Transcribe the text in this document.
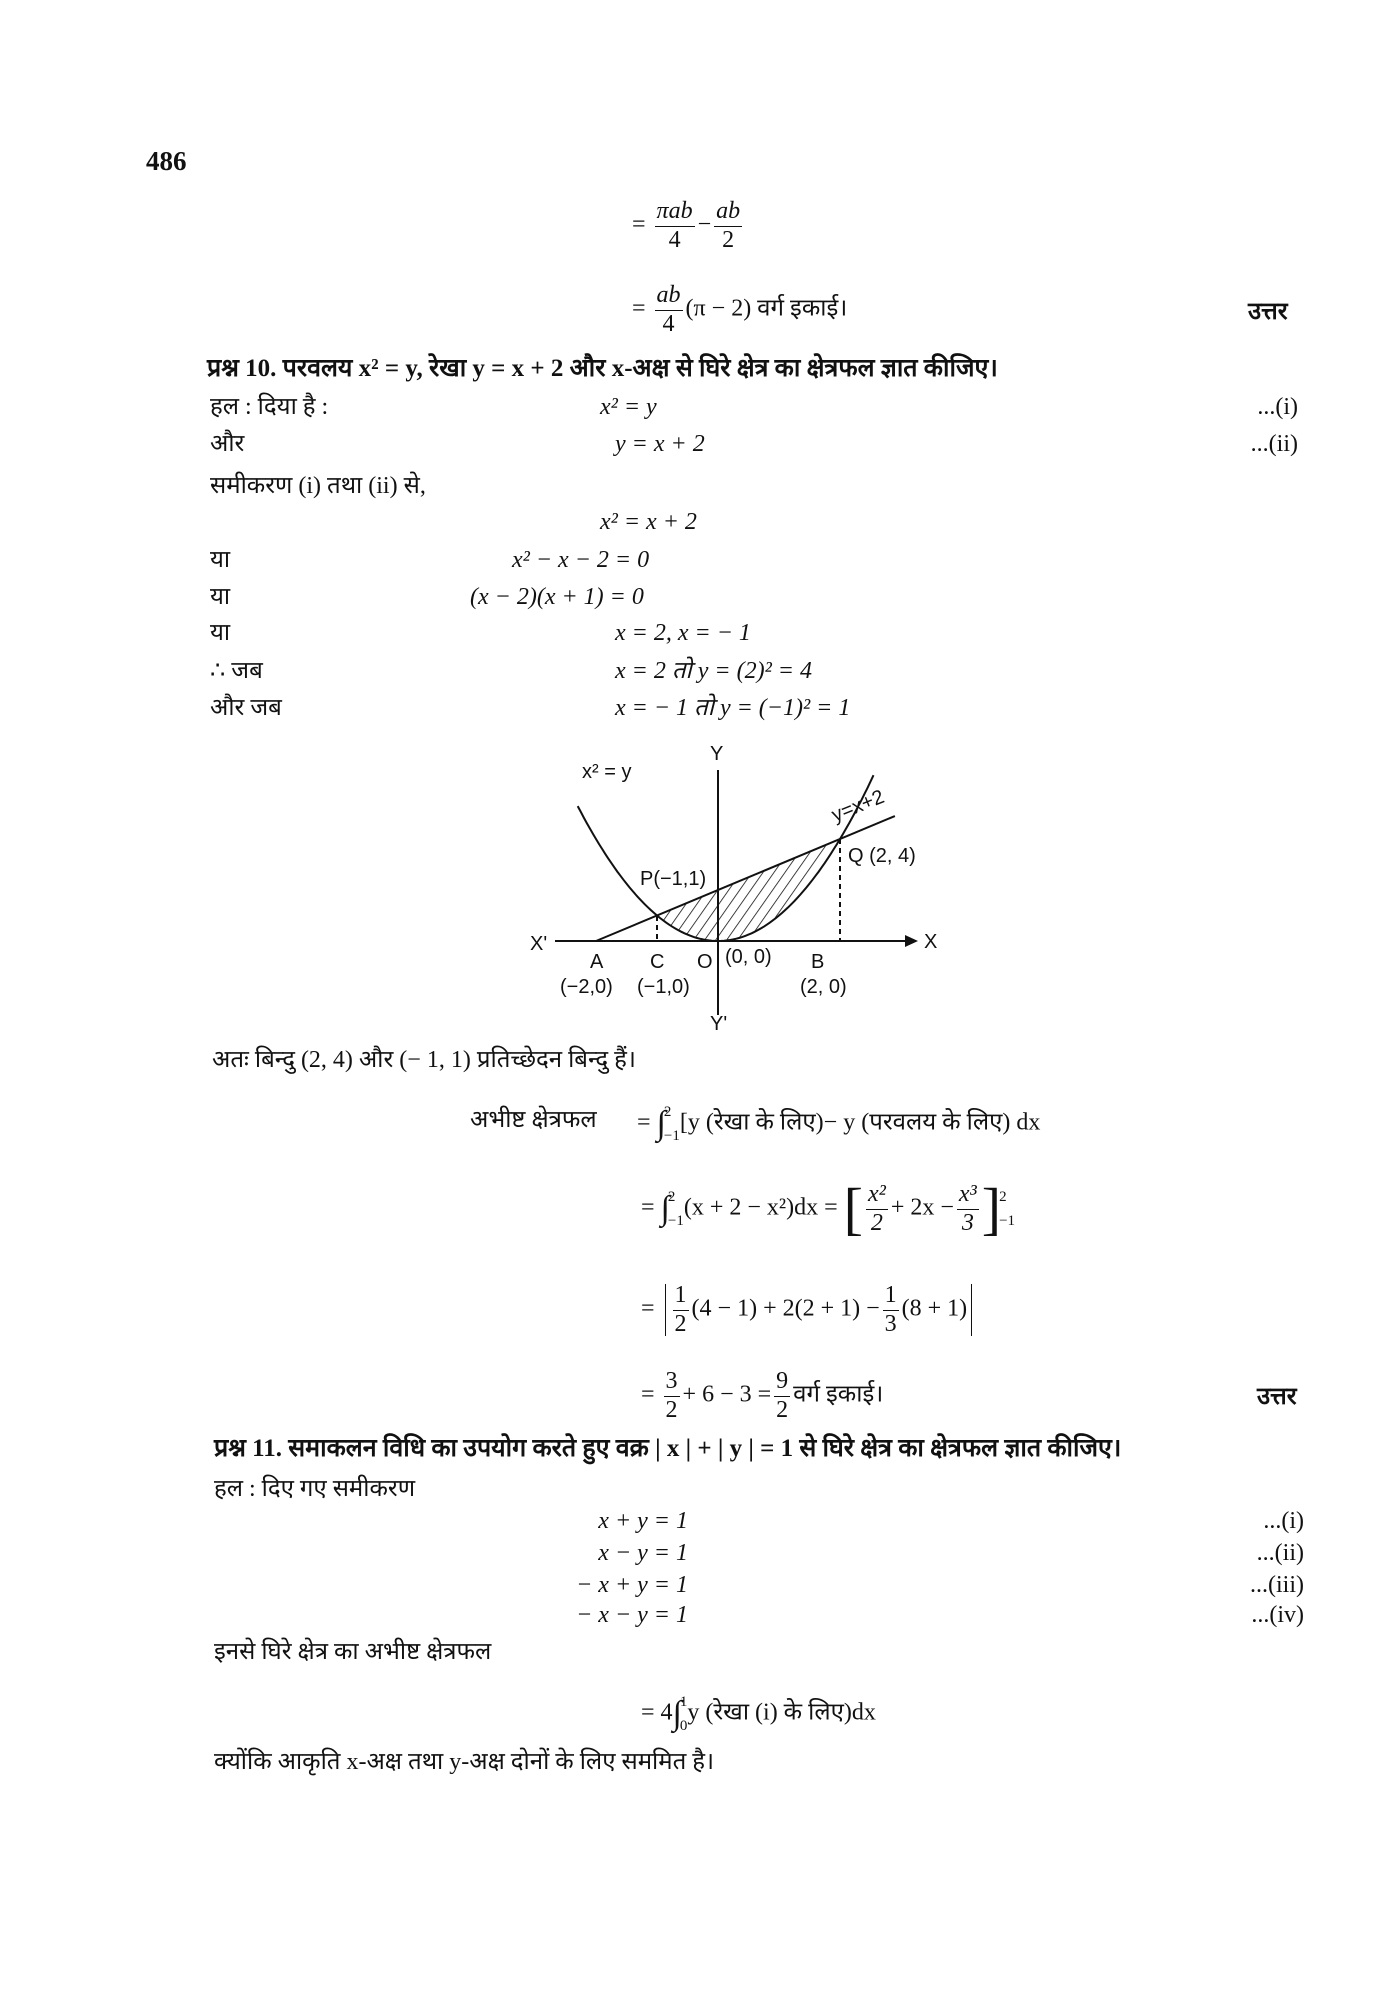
486
= $\frac{\text{πab}}{4} - \frac{ab}{2}$
= $\frac{ab}{4} (\pi - 2)$ वर्ग इकाई।	उत्तर
प्रश्न 10. परवलय x² = y, रेखा y = x + 2 और x-अक्ष से घिरे क्षेत्र का क्षेत्रफल ज्ञात कीजिए।
हल : दिया है :	x² = y	...(i)
और	y = x + 2	...(ii)
समीकरण (i) तथा (ii) से,
x² = x + 2
या	x² − x − 2 = 0
या	(x − 2)(x + 1) = 0
या	x = 2, x = − 1
∴ जब	x = 2 तो y = (2)² = 4
और जब	x = − 1 तो y = (−1)² = 1
x² = y
y=x+2
Y
Y'
X
X'
P(−1,1)
Q (2, 4)
A
(−2,0)
C
(−1,0)
O (0, 0) B
(2, 0)
अतः बिन्दु (2, 4) और (− 1, 1) प्रतिच्छेदन बिन्दु हैं।
अभीष्ट क्षेत्रफल = ∫
2
−1
[y (रेखा के लिए)− y (परवलय के लिए) dx
= ∫
2
−1
(x + 2 − x²)dx = [ $\frac{\text{x²}}{2} + 2x - \frac{\text{x³}}{3}$ ]
2
−1
= $\frac{1}{2} (4 - 1) + 2(2 + 1) - \frac{1}{3} (8 + 1)$
= $\frac{3}{2} + 6 - 3 = \frac{9}{2}$ वर्ग इकाई।	उत्तर
प्रश्न 11. समाकलन विधि का उपयोग करते हुए वक्र | x | + | y | = 1 से घिरे क्षेत्र का क्षेत्रफल ज्ञात कीजिए।
हल : दिए गए समीकरण
x + y = 1	...(i)
x − y = 1	...(ii)
− x + y = 1	...(iii)
− x − y = 1	...(iv)
इनसे घिरे क्षेत्र का अभीष्ट क्षेत्रफल
= 4∫
1
0
y (रेखा (i) के लिए)dx
क्योंकि आकृति x-अक्ष तथा y-अक्ष दोनों के लिए सममित है।
